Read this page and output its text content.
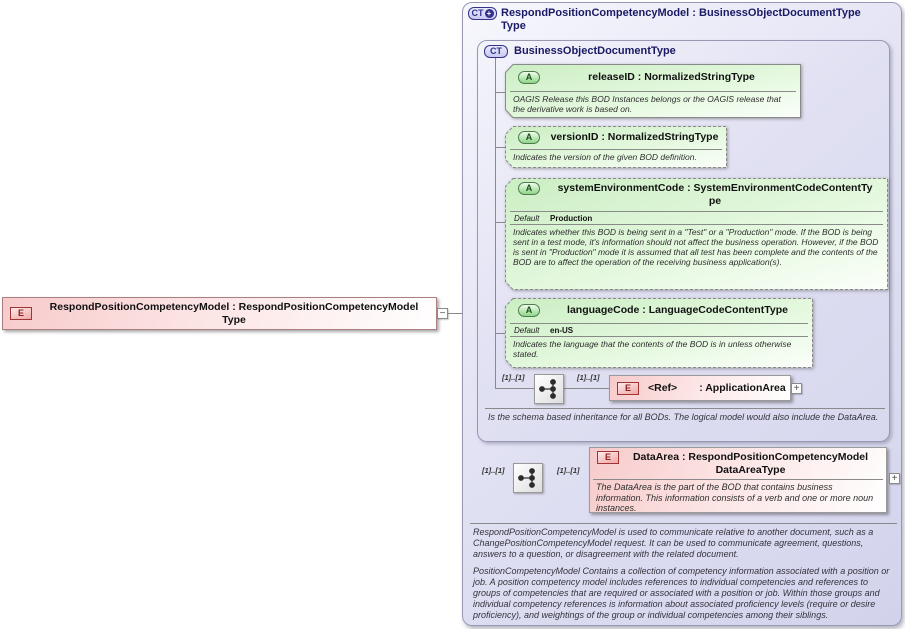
E
RespondPositionCompetencyModel : RespondPositionCompetencyModel
Type	−
CT + RespondPositionCompetencyModel : BusinessObjectDocumentType
Type
CT	BusinessObjectDocumentType
A	releaseID : NormalizedStringType
OAGIS Release this BOD Instances belongs or the OAGIS release that the derivative work is based on.
A	versionID : NormalizedStringType
Indicates the version of the given BOD definition.
A	systemEnvironmentCode : SystemEnvironmentCodeContentTy
pe
Default	Production
Indicates whether this BOD is being sent in a "Test" or a "Production" mode. If the BOD is being sent in a test mode, it's information should not affect the business operation. However, if the BOD is sent in "Production" mode it is assumed that all test has been complete and the contents of the BOD are to affect the operation of the receiving business application(s).
A	languageCode : LanguageCodeContentType
Default	en-US
Indicates the language that the contents of the BOD is in unless otherwise stated.
[1]..[1]	[1]..[1]
E	<Ref> : ApplicationArea +
Is the schema based inheritance for all BODs. The logical model would also include the DataArea.
[1]..[1]	[1]..[1]
E	DataArea : RespondPositionCompetencyModel
DataAreaType
The DataArea is the part of the BOD that contains business information. This information consists of a verb and one or more noun instances.
+
RespondPositionCompetencyModel is used to communicate relative to another document, such as a ChangePositionCompetencyModel request. It can be used to communicate agreement, questions, answers to a question, or disagreement with the related document.
PositionCompetencyModel Contains a collection of competency information associated with a position or job. A position competency model includes references to individual competencies and references to groups of competencies that are required or associated with a position or job. Within those groups and individual competency references is information about associated proficiency levels (require or desire proficiency), and weightings of the group or individual competencies among their siblings.
